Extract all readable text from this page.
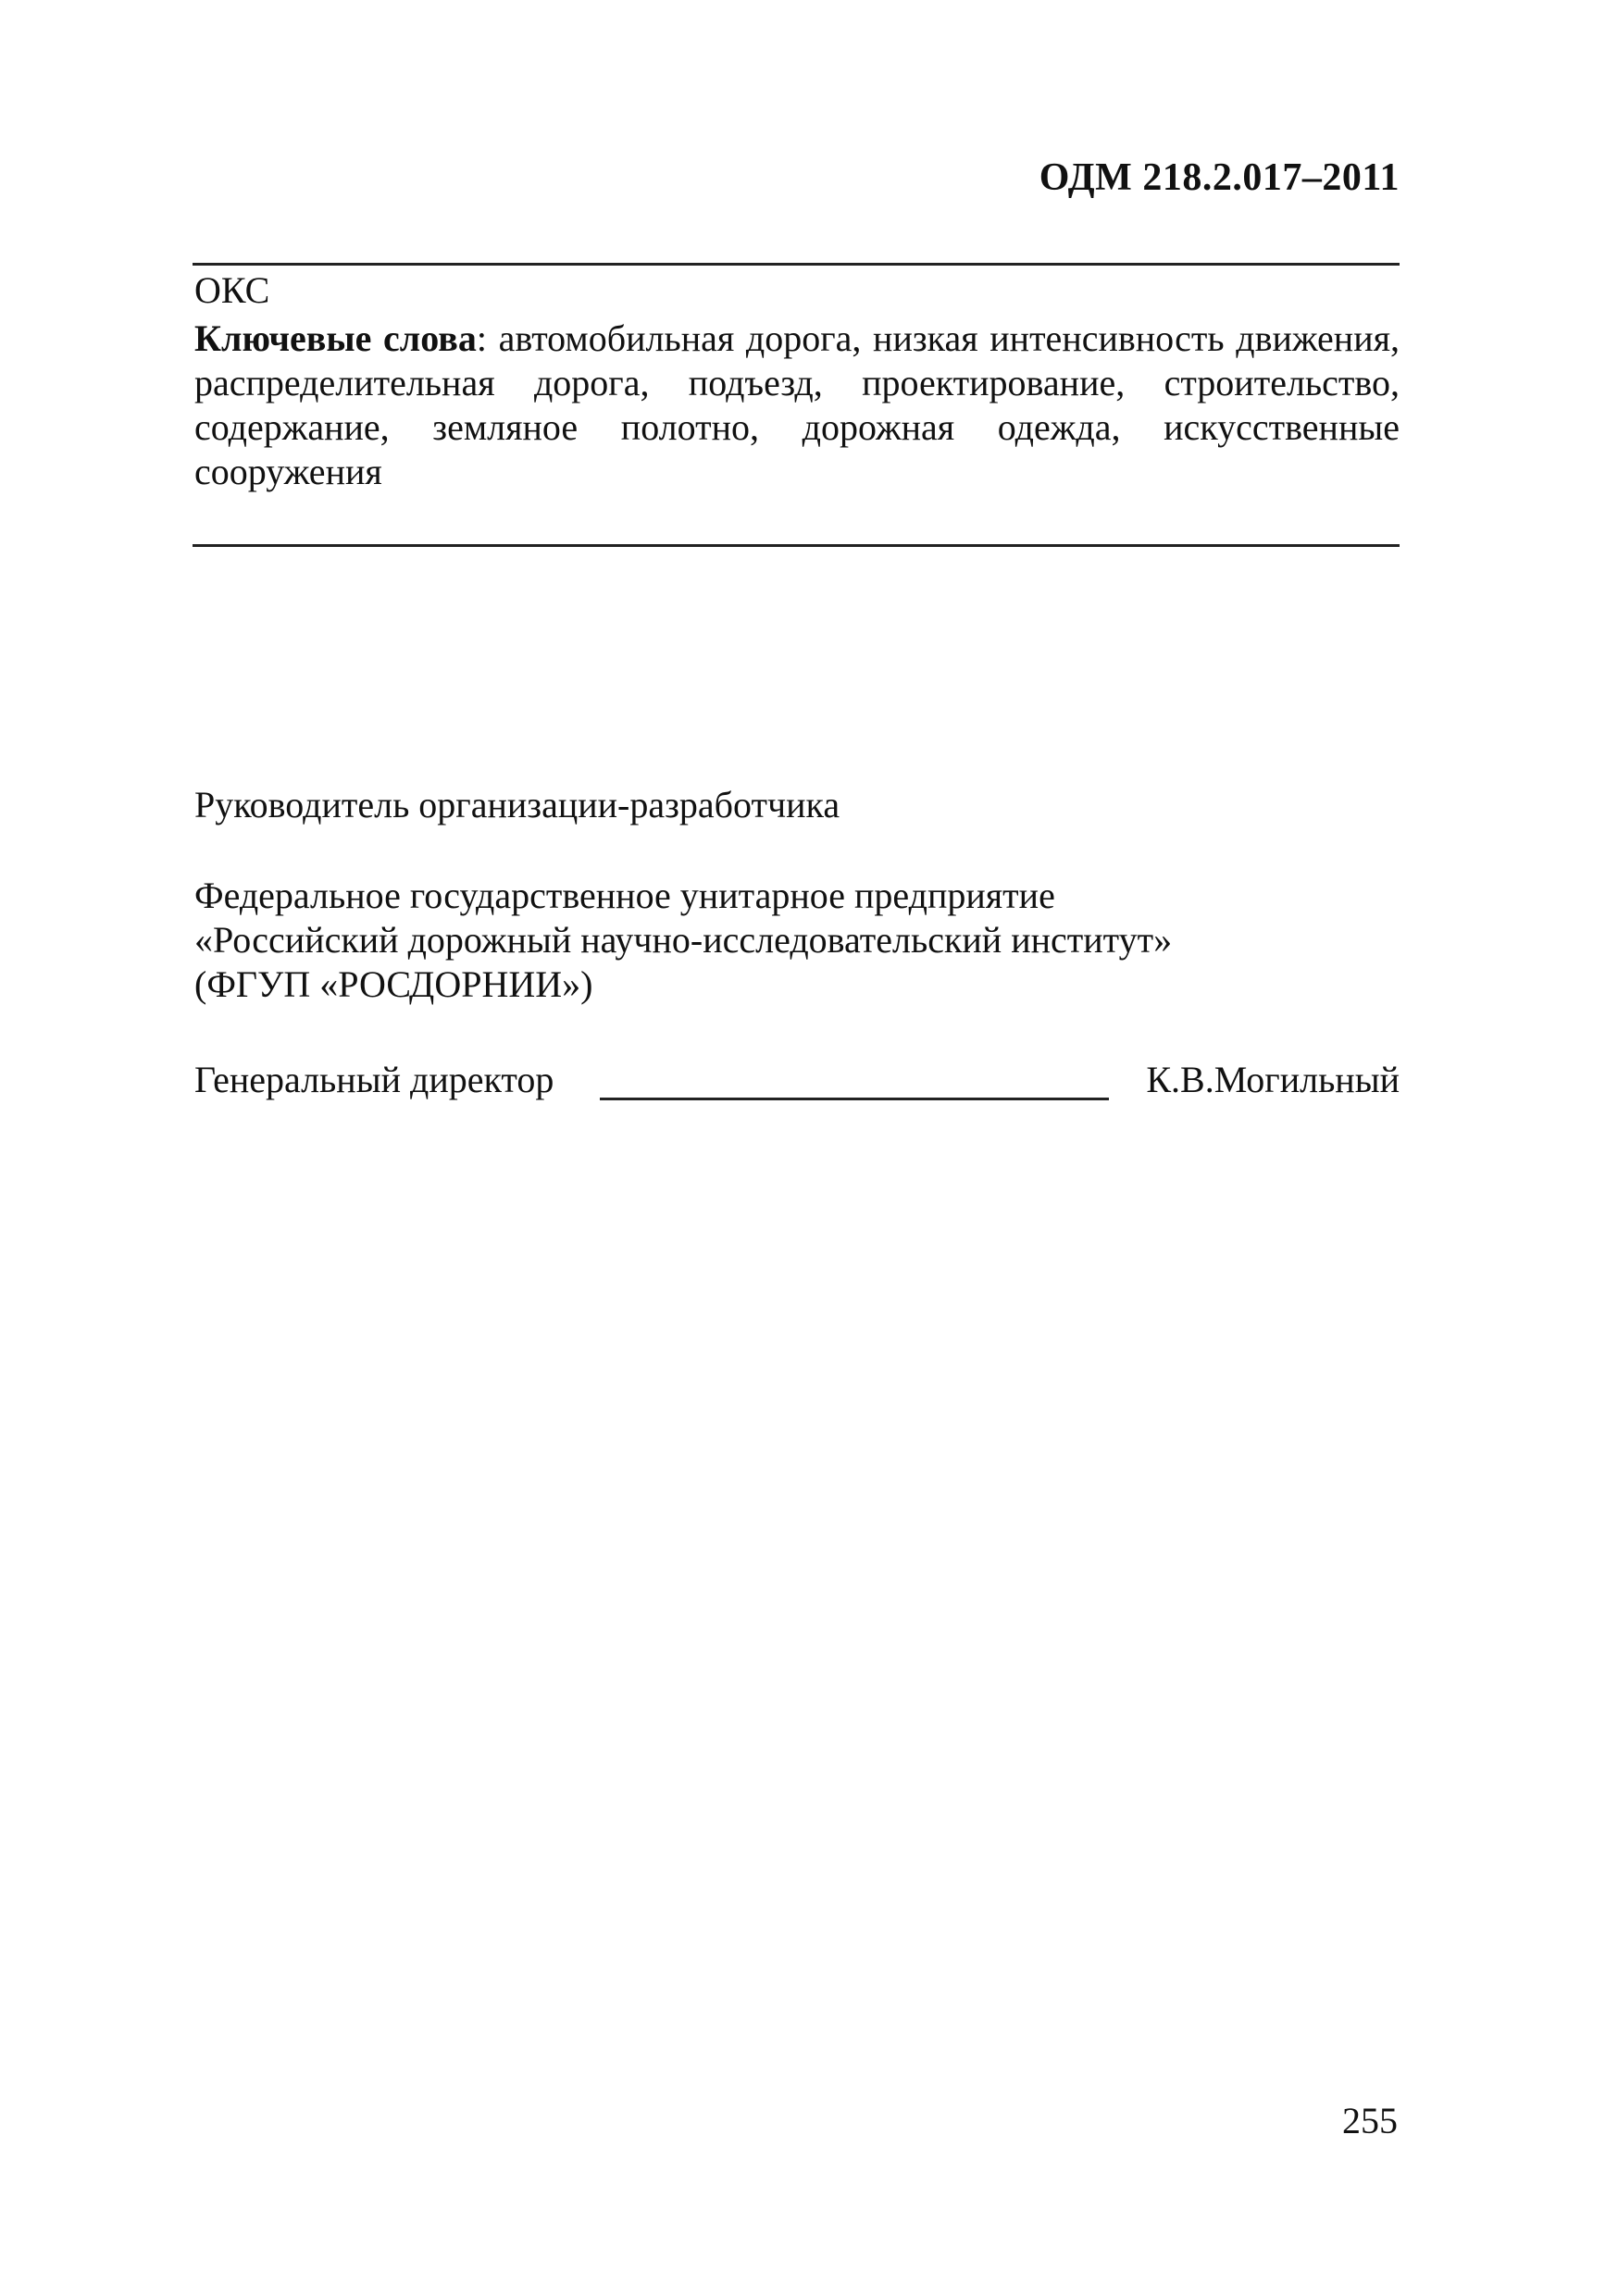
ОДМ 218.2.017–2011
ОКС
Ключевые слова: автомобильная дорога, низкая интенсивность движения, распределительная дорога, подъезд, проектирование, строительство, содержание, земляное полотно, дорожная одежда, искусственные сооружения
Руководитель организации-разработчика
Федеральное государственное унитарное предприятие
«Российский дорожный научно-исследовательский институт»
(ФГУП «РОСДОРНИИ»)
Генеральный директор	К.В.Могильный
255
